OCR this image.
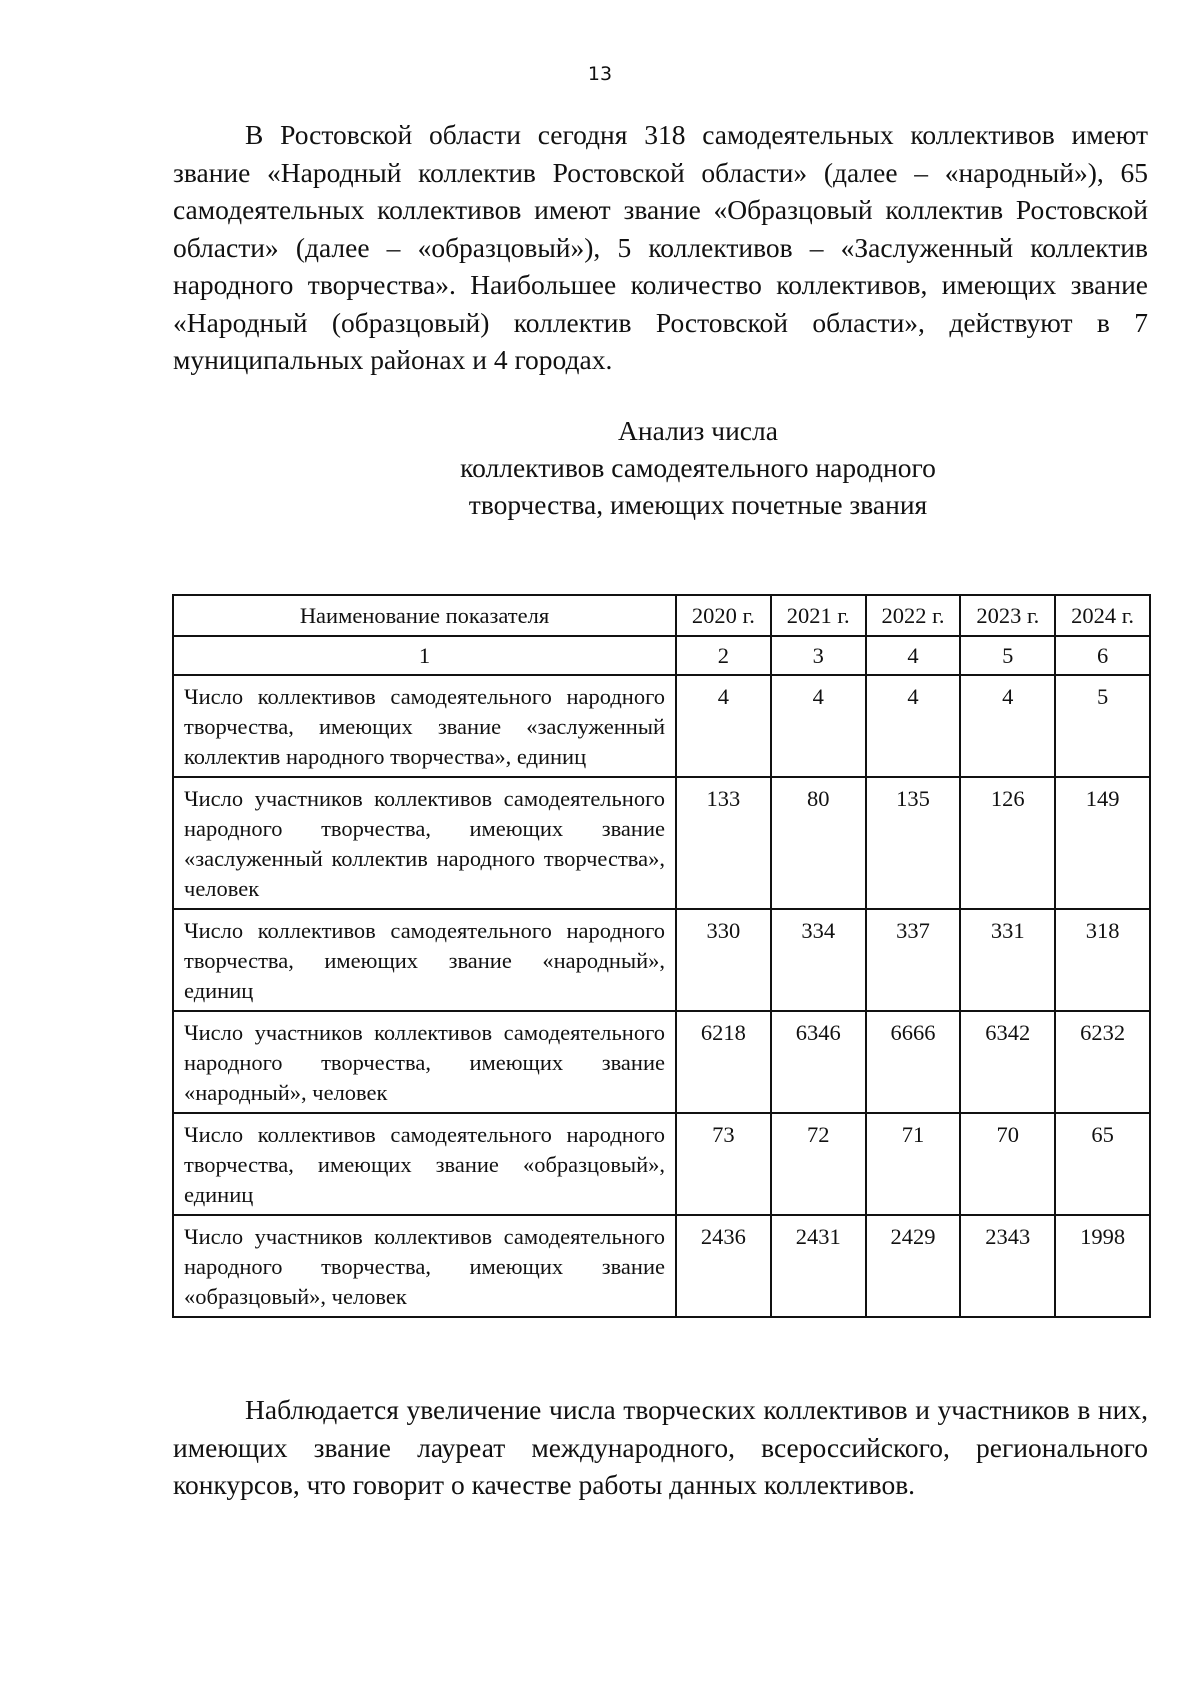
13

В Ростовской области сегодня 318 самодеятельных коллективов имеют звание «Народный коллектив Ростовской области» (далее – «народный»), 65 самодеятельных коллективов имеют звание «Образцовый коллектив Ростовской области» (далее – «образцовый»), 5 коллективов – «Заслуженный коллектив народного творчества». Наибольшее количество коллективов, имеющих звание «Народный (образцовый) коллектив Ростовской области», действуют в 7 муниципальных районах и 4 городах.

Анализ числа
коллективов самодеятельного народного
творчества, имеющих почетные звания
Наименование показателя	2020 г.	2021 г.	2022 г.	2023 г.	2024 г.
1	2	3	4	5	6
Число коллективов самодеятельного народного творчества, имеющих звание «заслуженный коллектив народного творчества», единиц	4	4	4	4	5
Число участников коллективов самодеятельного народного творчества, имеющих звание «заслуженный коллектив народного творчества», человек	133	80	135	126	149
Число коллективов самодеятельного народного творчества, имеющих звание «народный», единиц	330	334	337	331	318
Число участников коллективов самодеятельного народного творчества, имеющих звание «народный», человек	6218	6346	6666	6342	6232
Число коллективов самодеятельного народного творчества, имеющих звание «образцовый», единиц	73	72	71	70	65
Число участников коллективов самодеятельного народного творчества, имеющих звание «образцовый», человек	2436	2431	2429	2343	1998

Наблюдается увеличение числа творческих коллективов и участников в них, имеющих звание лауреат международного, всероссийского, регионального конкурсов, что говорит о качестве работы данных коллективов.
